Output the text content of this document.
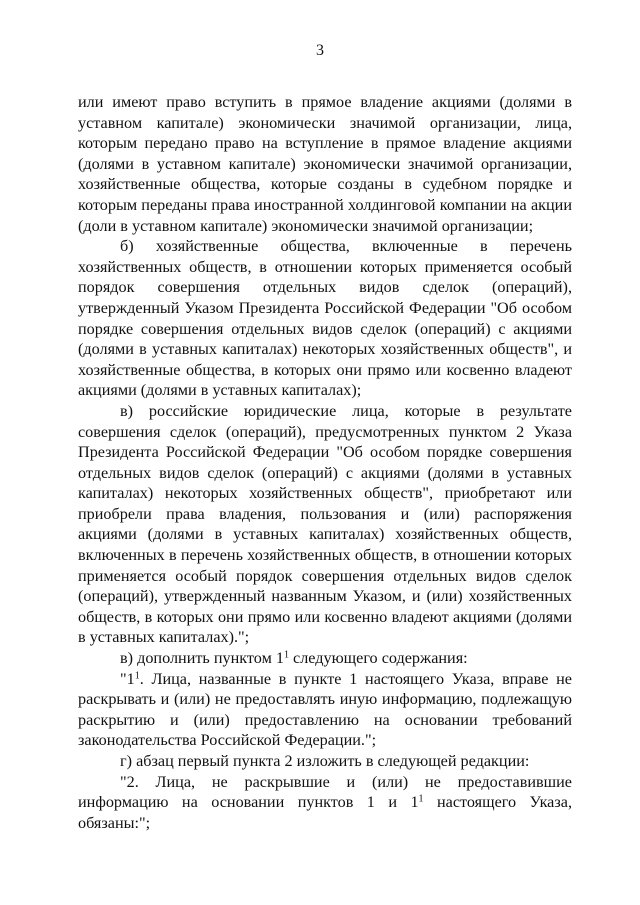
3

или имеют право вступить в прямое владение акциями (долями в уставном капитале) экономически значимой организации, лица, которым передано право на вступление в прямое владение акциями (долями в уставном капитале) экономически значимой организации, хозяйственные общества, которые созданы в судебном порядке и которым переданы права иностранной холдинговой компании на акции (доли в уставном капитале) экономически значимой организации;

б) хозяйственные общества, включенные в перечень хозяйственных обществ, в отношении которых применяется особый порядок совершения отдельных видов сделок (операций), утвержденный Указом Президента Российской Федерации "Об особом порядке совершения отдельных видов сделок (операций) с акциями (долями в уставных капиталах) некоторых хозяйственных обществ", и хозяйственные общества, в которых они прямо или косвенно владеют акциями (долями в уставных капиталах);

в) российские юридические лица, которые в результате совершения сделок (операций), предусмотренных пунктом 2 Указа Президента Российской Федерации "Об особом порядке совершения отдельных видов сделок (операций) с акциями (долями в уставных капиталах) некоторых хозяйственных обществ", приобретают или приобрели права владения, пользования и (или) распоряжения акциями (долями в уставных капиталах) хозяйственных обществ, включенных в перечень хозяйственных обществ, в отношении которых применяется особый порядок совершения отдельных видов сделок (операций), утвержденный названным Указом, и (или) хозяйственных обществ, в которых они прямо или косвенно владеют акциями (долями в уставных капиталах).";

в) дополнить пунктом $1^1$ следующего содержания:

"$1^1$. Лица, названные в пункте 1 настоящего Указа, вправе не раскрывать и (или) не предоставлять иную информацию, подлежащую раскрытию и (или) предоставлению на основании требований законодательства Российской Федерации.";

г) абзац первый пункта 2 изложить в следующей редакции:

"2. Лица, не раскрывшие и (или) не предоставившие информацию на основании пунктов 1 и $1^1$ настоящего Указа, обязаны:";
